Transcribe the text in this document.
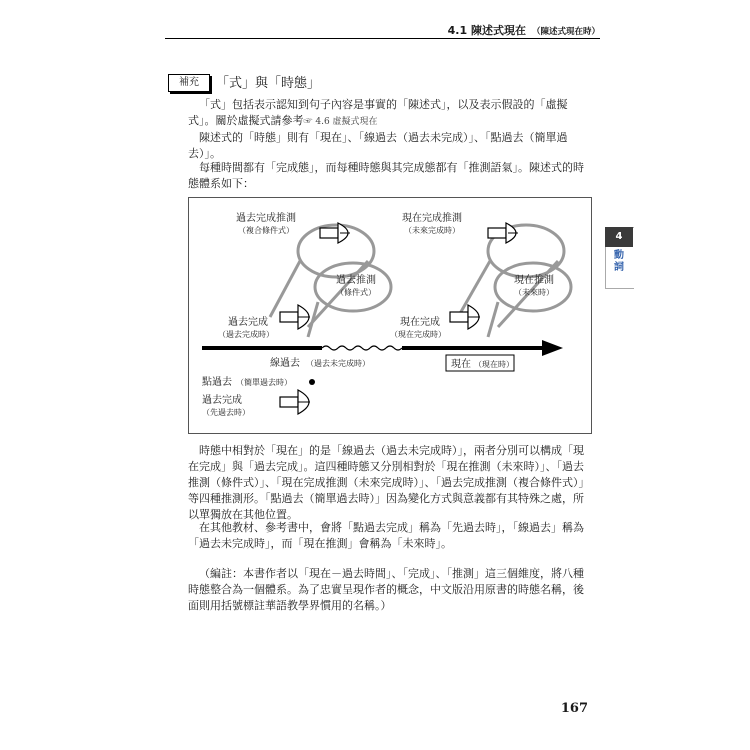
4.1 陳述式現在 （陳述式現在時）
4
動詞
補充	「式」與「時態」
「式」包括表示認知到句子內容是事實的「陳述式」，以及表示假設的「虛擬式」。關於虛擬式請參考☞ 4.6 虛擬式現在
陳述式的「時態」則有「現在」、「線過去（過去未完成）」、「點過去（簡單過去）」。
每種時間都有「完成態」，而每種時態與其完成態都有「推測語氣」。陳述式的時態體系如下：
過去完成推測
（複合條件式）
現在完成推測
（未來完成時）
過去推測
（條件式）
現在推測
（未來時）
過去完成
（過去完成時）
現在完成
（現在完成時）
線過去 （過去未完成時）	現在 （現在時）
點過去 （簡單過去時）
過去完成
（先過去時）
時態中相對於「現在」的是「線過去（過去未完成時）」，兩者分別可以構成「現在完成」與「過去完成」。這四種時態又分別相對於「現在推測（未來時）」、「過去推測（條件式）」、「現在完成推測（未來完成時）」、「過去完成推測（複合條件式）」等四種推測形。「點過去（簡單過去時）」因為變化方式與意義都有其特殊之處，所以單獨放在其他位置。
在其他教材、參考書中，會將「點過去完成」稱為「先過去時」，「線過去」稱為「過去未完成時」，而「現在推測」會稱為「未來時」。
（編註：本書作者以「現在－過去時間」、「完成」、「推測」這三個維度，將八種時態整合為一個體系。為了忠實呈現作者的概念，中文版沿用原書的時態名稱，後面則用括號標註華語教學界慣用的名稱。）
167
